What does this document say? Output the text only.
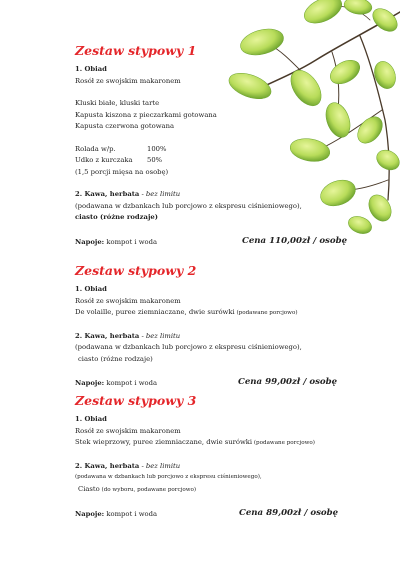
Zestaw stypowy 1
1. Obiad
Rosół ze swojskim makaronem
Kluski białe, kluski tarte
Kapusta kiszona z pieczarkami gotowana
Kapusta czerwona gotowana
Rolada w/p.	100%
Udko z kurczaka 50%
(1,5 porcji mięsa na osobę)
2. Kawa, herbata - bez limitu
(podawana w dzbankach lub porcjowo z ekspresu ciśnieniowego),
ciasto (różne rodzaje)
Napoje: kompot i woda	Cena 110,00zł / osobę
Zestaw stypowy 2
1. Obiad
Rosół ze swojskim makaronem
De volaille, puree ziemniaczane, dwie surówki (podawane porcjowo)
2. Kawa, herbata - bez limitu
(podawana w dzbankach lub porcjowo z ekspresu ciśnieniowego),
ciasto (różne rodzaje)
Napoje: kompot i woda	Cena 99,00zł / osobę
Zestaw stypowy 3
1. Obiad
Rosół ze swojskim makaronem
Stek wieprzowy, puree ziemniaczane, dwie surówki (podawane porcjowo)
2. Kawa, herbata - bez limitu
(podawana w dzbankach lub porcjowo z ekspresu ciśnieniowego),
Ciasto (do wyboru, podawane porcjowo)
Napoje: kompot i woda	Cena 89,00zł / osobę
